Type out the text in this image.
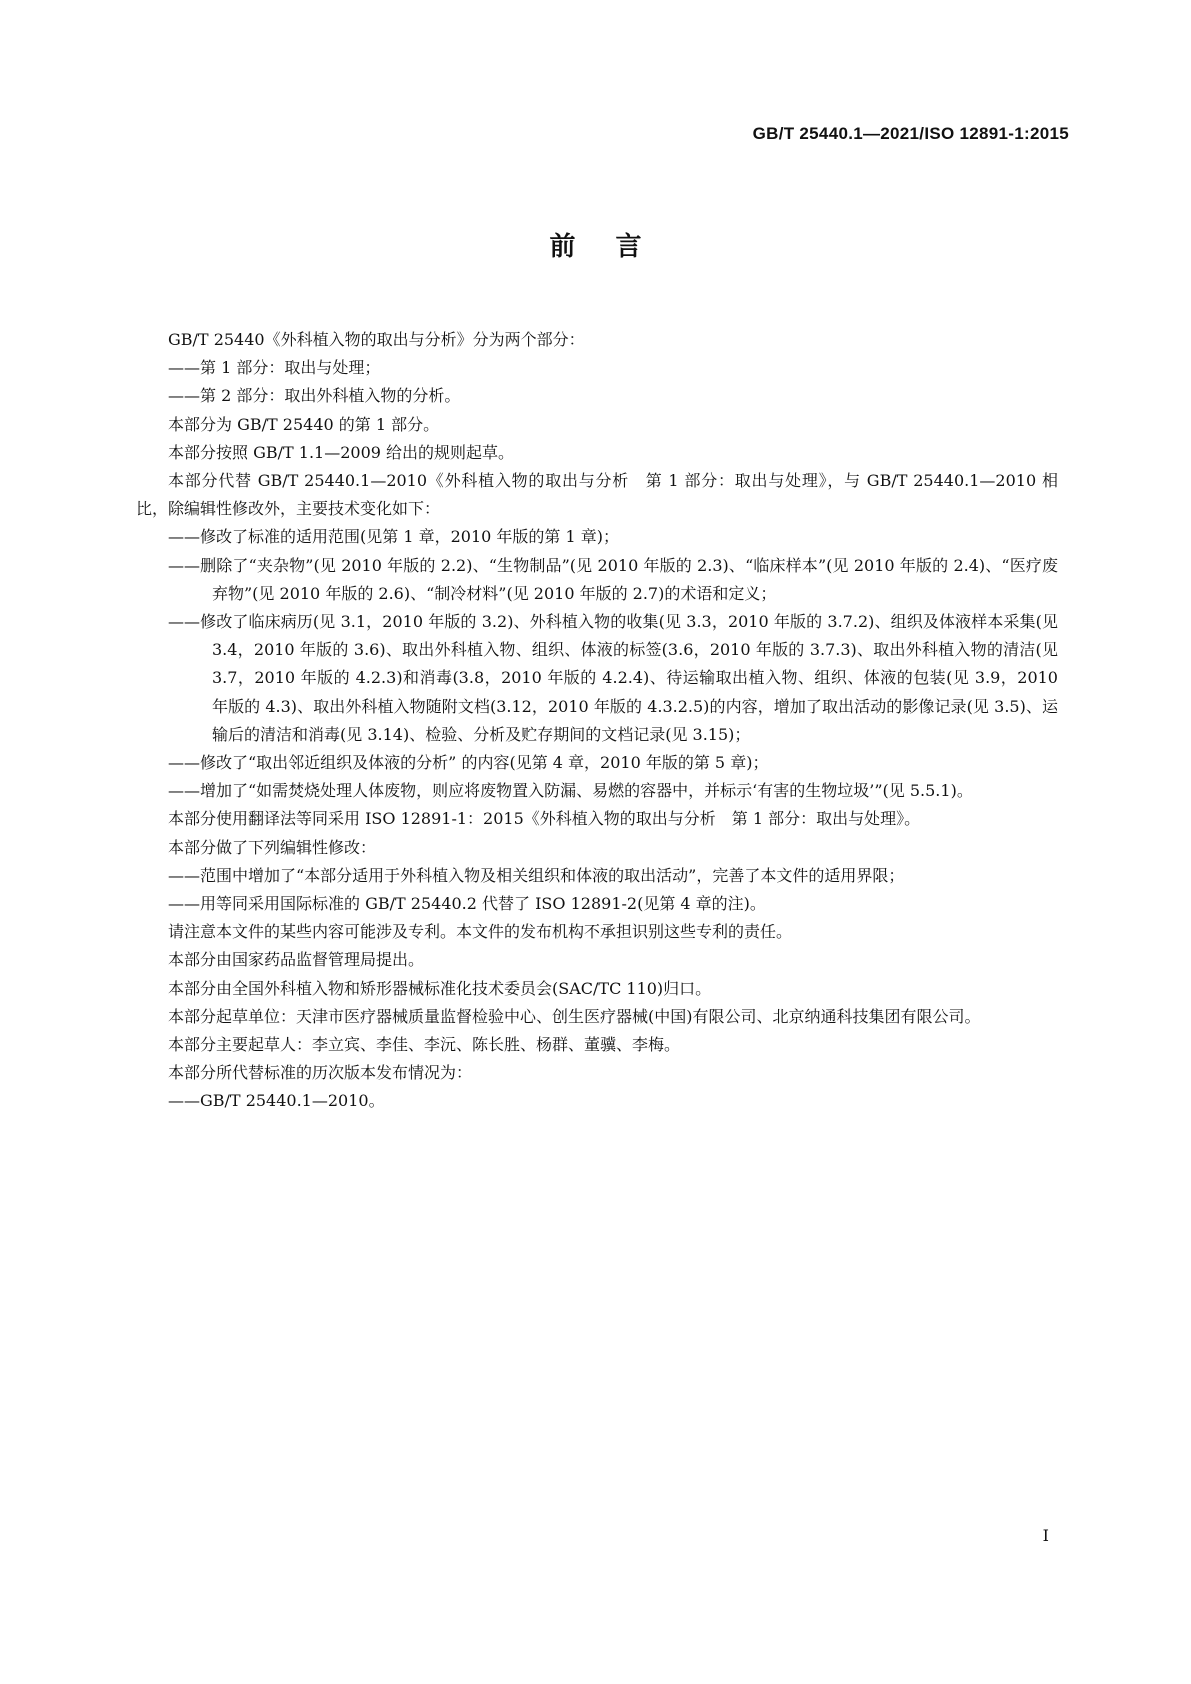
GB/T 25440.1—2021/ISO 12891-1:2015
前言

GB/T 25440《外科植入物的取出与分析》分为两个部分：

——第 1 部分：取出与处理；

——第 2 部分：取出外科植入物的分析。

本部分为 GB/T 25440 的第 1 部分。

本部分按照 GB/T 1.1—2009 给出的规则起草。

本部分代替 GB/T 25440.1—2010《外科植入物的取出与分析　第 1 部分：取出与处理》，与 GB/T 25440.1—2010 相比，除编辑性修改外，主要技术变化如下：

——修改了标准的适用范围(见第 1 章，2010 年版的第 1 章)；

——删除了“夹杂物”(见 2010 年版的 2.2)、“生物制品”(见 2010 年版的 2.3)、“临床样本”(见 2010 年版的 2.4)、“医疗废弃物”(见 2010 年版的 2.6)、“制冷材料”(见 2010 年版的 2.7)的术语和定义；

——修改了临床病历(见 3.1，2010 年版的 3.2)、外科植入物的收集(见 3.3，2010 年版的 3.7.2)、组织及体液样本采集(见 3.4，2010 年版的 3.6)、取出外科植入物、组织、体液的标签(3.6，2010 年版的 3.7.3)、取出外科植入物的清洁(见 3.7，2010 年版的 4.2.3)和消毒(3.8，2010 年版的 4.2.4)、待运输取出植入物、组织、体液的包装(见 3.9，2010 年版的 4.3)、取出外科植入物随附文档(3.12，2010 年版的 4.3.2.5)的内容，增加了取出活动的影像记录(见 3.5)、运输后的清洁和消毒(见 3.14)、检验、分析及贮存期间的文档记录(见 3.15)；

——修改了“取出邻近组织及体液的分析” 的内容(见第 4 章，2010 年版的第 5 章)；

——增加了“如需焚烧处理人体废物，则应将废物置入防漏、易燃的容器中，并标示‘有害的生物垃圾’”(见 5.5.1)。

本部分使用翻译法等同采用 ISO 12891-1：2015《外科植入物的取出与分析　第 1 部分：取出与处理》。

本部分做了下列编辑性修改：

——范围中增加了“本部分适用于外科植入物及相关组织和体液的取出活动”，完善了本文件的适用界限；

——用等同采用国际标准的 GB/T 25440.2 代替了 ISO 12891-2(见第 4 章的注)。

请注意本文件的某些内容可能涉及专利。本文件的发布机构不承担识别这些专利的责任。

本部分由国家药品监督管理局提出。

本部分由全国外科植入物和矫形器械标准化技术委员会(SAC/TC 110)归口。

本部分起草单位：天津市医疗器械质量监督检验中心、创生医疗器械(中国)有限公司、北京纳通科技集团有限公司。

本部分主要起草人：李立宾、李佳、李沅、陈长胜、杨群、董骥、李梅。

本部分所代替标准的历次版本发布情况为：

——GB/T 25440.1—2010。

I
